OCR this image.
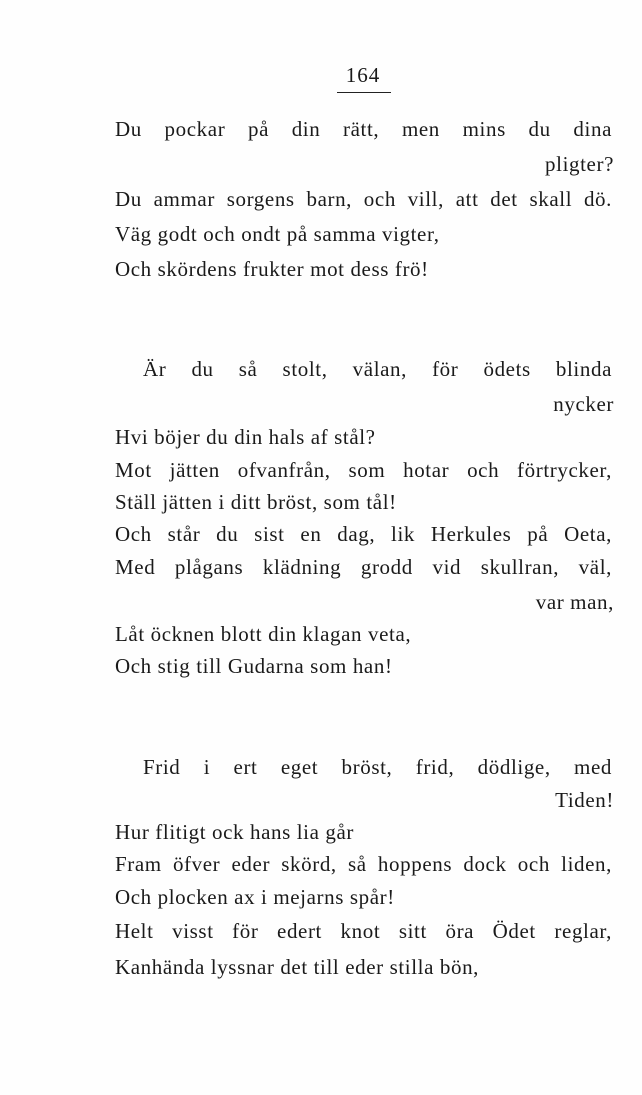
164
Du pockar på din rätt, men mins du dina
pligter?
Du ammar sorgens barn, och vill, att det skall dö.
Väg godt och ondt på samma vigter,
Och skördens frukter mot dess frö!
Är du så stolt, välan, för ödets blinda
nycker
Hvi böjer du din hals af stål?
Mot jätten ofvanfrån, som hotar och förtrycker,
Ställ jätten i ditt bröst, som tål!
Och står du sist en dag, lik Herkules på Oeta,
Med plågans klädning grodd vid skullran, väl,
var man,
Låt öcknen blott din klagan veta,
Och stig till Gudarna som han!
Frid i ert eget bröst, frid, dödlige, med
Tiden!
Hur flitigt ock hans lia går
Fram öfver eder skörd, så hoppens dock och liden,
Och plocken ax i mejarns spår!
Helt visst för edert knot sitt öra Ödet reglar,
Kanhända lyssnar det till eder stilla bön,
